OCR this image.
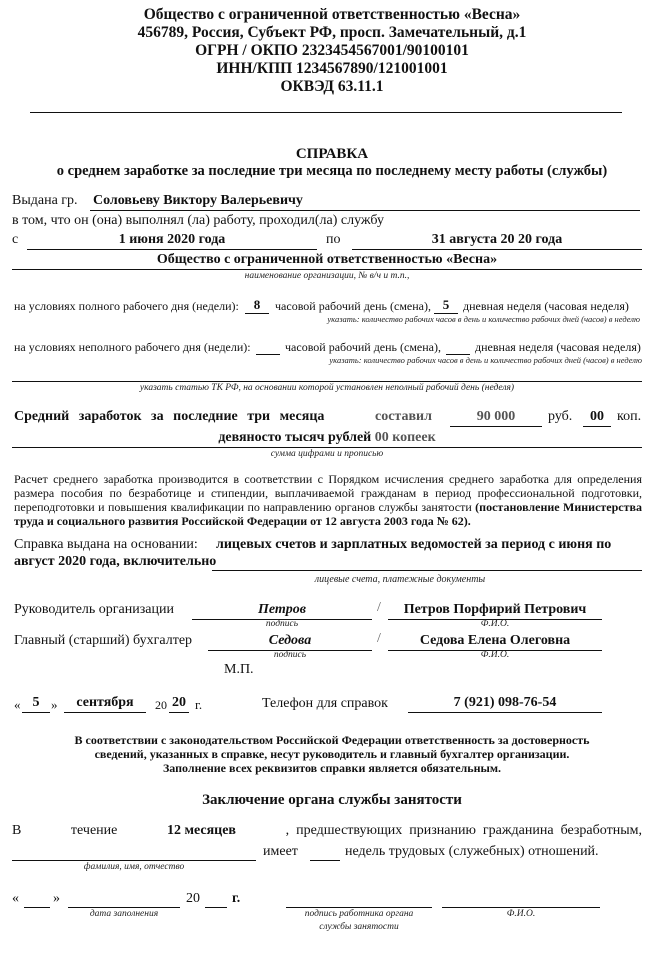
Общество с ограниченной ответственностью «Весна»
456789, Россия, Субъект РФ, просп. Замечательный, д.1
ОГРН / ОКПО 2323454567001/90100101
ИНН/КПП 1234567890/121001001
ОКВЭД 63.11.1
СПРАВКА
о среднем заработке за последние три месяца по последнему месту работы (службы)
Выдана гр. Соловьеву Виктору Валерьевичу
в том, что он (она) выполнял (ла) работу, проходил(ла) службу
с	1 июня 2020 года	по	31 августа 20 20 года
Общество с ограниченной ответственностью «Весна»
наименование организации, № в/ч и т.п.,
на условиях полного рабочего дня (недели):	8	часовой рабочий день (смена), 5	дневная неделя (часовая неделя)
указать: количество рабочих часов в день и количество рабочих дней (часов) в неделю
на условиях неполного рабочего дня (недели):	часовой рабочий день (смена),	дневная неделя (часовая неделя)
указать: количество рабочих часов в день и количество рабочих дней (часов) в неделю
указать статью ТК РФ, на основании которой установлен неполный рабочий день (неделя)
Средний заработок за последние три месяца	составил	90 000	руб.	00 коп.
девяносто тысяч рублей 00 копеек
сумма цифрами и прописью
Расчет среднего заработка производится в соответствии с Порядком исчисления среднего заработка для определения размера пособия по безработице и стипендии, выплачиваемой гражданам в период профессиональной подготовки, переподготовки и повышения квалификации по направлению органов службы занятости (постановление Министерства труда и социального развития Российской Федерации от 12 августа 2003 года № 62).
Справка выдана на основании: лицевых счетов и зарплатных ведомостей за период с июня по
август 2020 года, включительно
лицевые счета, платежные документы
Руководитель организации	Петров
подпись
/	Петров Порфирий Петрович
Ф.И.О.
Главный (старший) бухгалтер	Седова
подпись
/	Седова Елена Олеговна
Ф.И.О.
М.П.
« 5 »	сентября	20 20 г.	Телефон для справок	7 (921) 098-76-54
В соответствии с законодательством Российской Федерации ответственность за достоверность
сведений, указанных в справке, несут руководитель и главный бухгалтер организации.
Заполнение всех реквизитов справки является обязательным.
Заключение органа службы занятости
В	течение	12 месяцев	,  предшествующих  признанию  гражданина  безработным,
фамилия, имя, отчество
имеет	недель трудовых (служебных) отношений.
« »
дата заполнения
20 г.
подпись работника органа
службы занятости
Ф.И.О.
